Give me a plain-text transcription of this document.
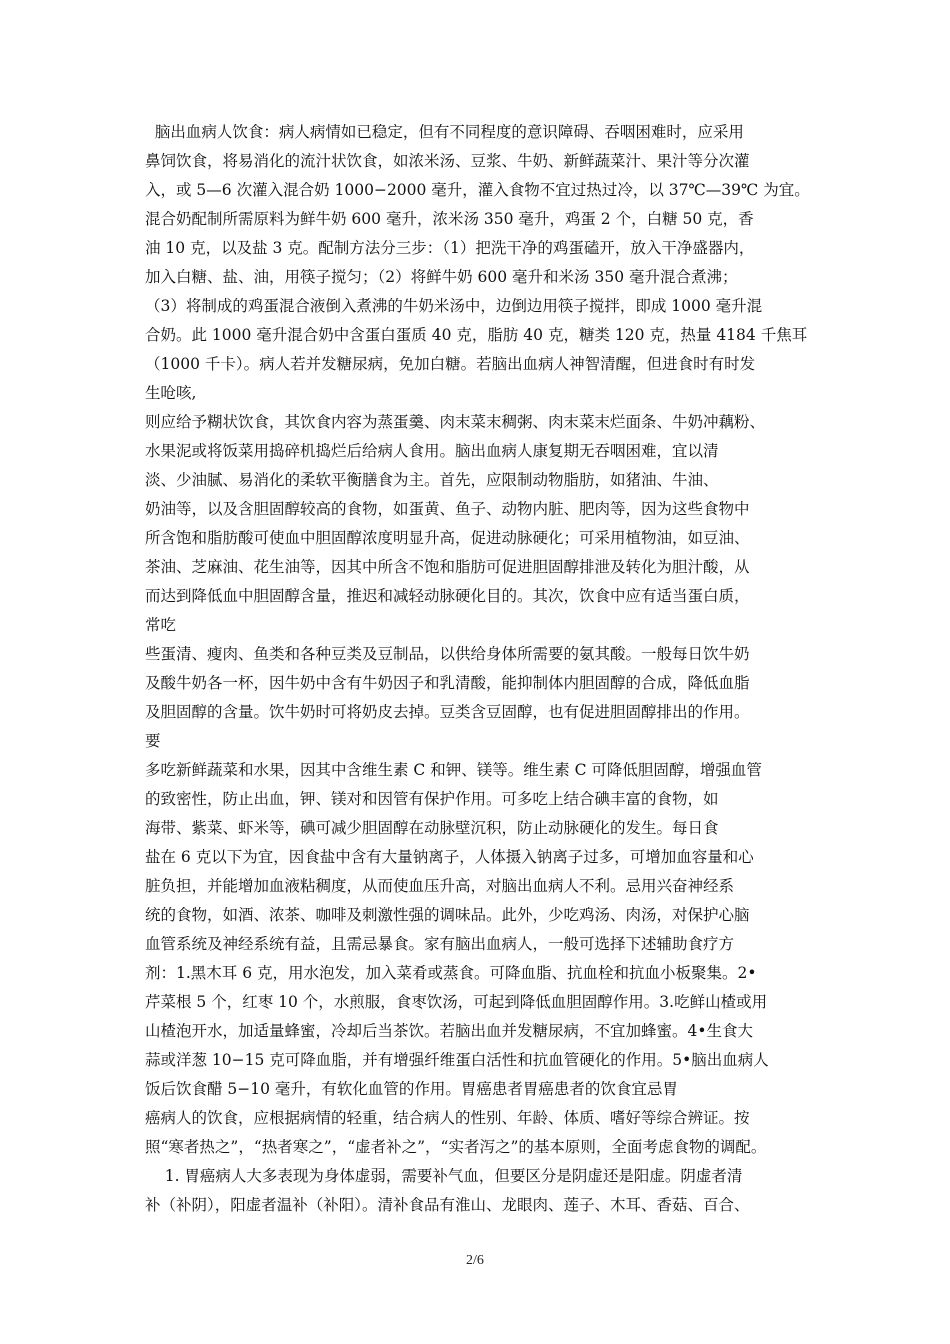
脑出血病人饮食：病人病情如已稳定，但有不同程度的意识障碍、吞咽困难时，应采用
鼻饲饮食，将易消化的流汁状饮食，如浓米汤、豆浆、牛奶、新鲜蔬菜汁、果汁等分次灌
入，或 5—6 次灌入混合奶 1000−2000 毫升，灌入食物不宜过热过冷，以 37℃—39℃ 为宜。
混合奶配制所需原料为鲜牛奶 600 毫升，浓米汤 350 毫升，鸡蛋 2 个，白糖 50 克，香
油 10 克，以及盐 3 克。配制方法分三步：（1）把洗干净的鸡蛋磕开，放入干净盛器内，
加入白糖、盐、油，用筷子搅匀；（2）将鲜牛奶 600 毫升和米汤 350 毫升混合煮沸；
（3）将制成的鸡蛋混合液倒入煮沸的牛奶米汤中，边倒边用筷子搅拌，即成 1000 毫升混
合奶。此 1000 毫升混合奶中含蛋白蛋质 40 克，脂肪 40 克，糖类 120 克，热量 4184 千焦耳
（1000 千卡）。病人若并发糖尿病，免加白糖。若脑出血病人神智清醒，但进食时有时发
生呛咳,
则应给予糊状饮食，其饮食内容为蒸蛋羹、肉末菜末稠粥、肉末菜末烂面条、牛奶冲藕粉、
水果泥或将饭菜用捣碎机捣烂后给病人食用。脑出血病人康复期无吞咽困难，宜以清
淡、少油腻、易消化的柔软平衡膳食为主。首先，应限制动物脂肪，如猪油、牛油、
奶油等，以及含胆固醇较高的食物，如蛋黄、鱼子、动物内脏、肥肉等，因为这些食物中
所含饱和脂肪酸可使血中胆固醇浓度明显升高，促进动脉硬化；可采用植物油，如豆油、
茶油、芝麻油、花生油等，因其中所含不饱和脂肪可促进胆固醇排泄及转化为胆汁酸，从
而达到降低血中胆固醇含量，推迟和减轻动脉硬化目的。其次，饮食中应有适当蛋白质，
常吃
些蛋清、瘦肉、鱼类和各种豆类及豆制品，以供给身体所需要的氨其酸。一般每日饮牛奶
及酸牛奶各一杯，因牛奶中含有牛奶因子和乳清酸，能抑制体内胆固醇的合成，降低血脂
及胆固醇的含量。饮牛奶时可将奶皮去掉。豆类含豆固醇，也有促进胆固醇排出的作用。
要
多吃新鲜蔬菜和水果，因其中含维生素 C 和钾、镁等。维生素 C 可降低胆固醇，增强血管
的致密性，防止出血，钾、镁对和因管有保护作用。可多吃上结合碘丰富的食物，如
海带、紫菜、虾米等，碘可减少胆固醇在动脉壁沉积，防止动脉硬化的发生。每日食
盐在 6 克以下为宜，因食盐中含有大量钠离子，人体摄入钠离子过多，可增加血容量和心
脏负担，并能增加血液粘稠度，从而使血压升高，对脑出血病人不利。忌用兴奋神经系
统的食物，如酒、浓茶、咖啡及刺激性强的调味品。此外，少吃鸡汤、肉汤，对保护心脑
血管系统及神经系统有益，且需忌暴食。家有脑出血病人，一般可选择下述辅助食疗方
剂：1.黑木耳 6 克，用水泡发，加入菜肴或蒸食。可降血脂、抗血栓和抗血小板聚集。2•
芹菜根 5 个，红枣 10 个，水煎服，食枣饮汤，可起到降低血胆固醇作用。3.吃鲜山楂或用
山楂泡开水，加适量蜂蜜，冷却后当茶饮。若脑出血并发糖尿病，不宜加蜂蜜。4•生食大
蒜或洋葱 10−15 克可降血脂，并有增强纤维蛋白活性和抗血管硬化的作用。5•脑出血病人
饭后饮食醋 5−10 毫升，有软化血管的作用。胃癌患者胃癌患者的饮食宜忌胃
癌病人的饮食，应根据病情的轻重，结合病人的性别、年龄、体质、嗜好等综合辨证。按
照“寒者热之”，“热者寒之”，“虚者补之”，“实者泻之”的基本原则，全面考虑食物的调配。
1. 胃癌病人大多表现为身体虚弱，需要补气血，但要区分是阴虚还是阳虚。阴虚者清
补（补阴），阳虚者温补（补阳）。清补食品有淮山、龙眼肉、莲子、木耳、香菇、百合、
2/6
